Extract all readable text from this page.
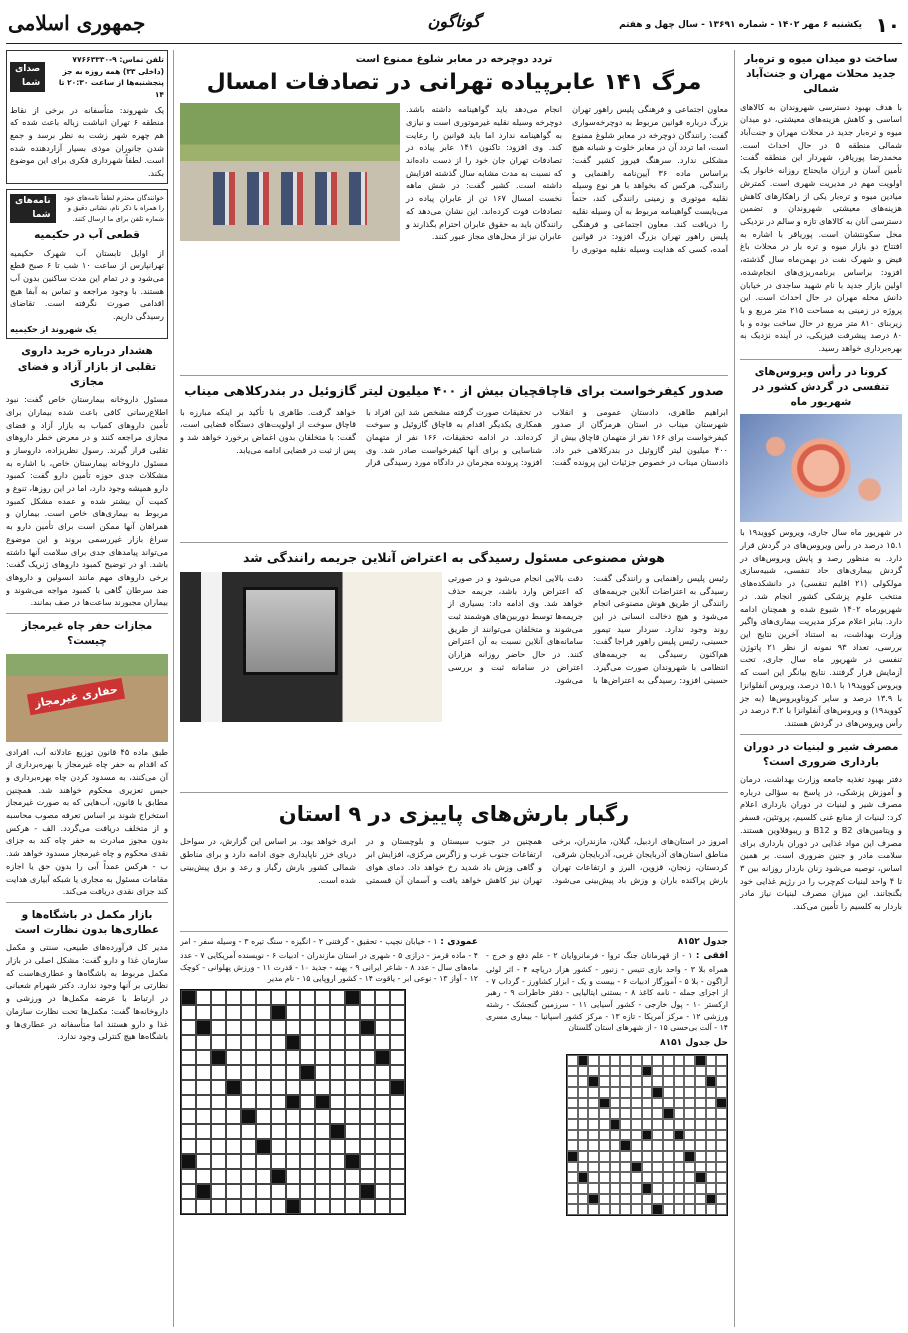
۱۰
یکشنبه ۶ مهر ۱۴۰۲ - شماره ۱۳۶۹۱ - سال چهل و هفتم
گوناگون
جمهوری اسلامی
ساخت دو میدان میوه و تره‌بار جدید محلات مهران و جنت‌آباد شمالی
با هدف بهبود دسترسی شهروندان به کالاهای اساسی و کاهش هزینه‌های معیشتی، دو میدان میوه و تره‌بار جدید در محلات مهران و جنت‌آباد شمالی منطقه ۵ در حال احداث است. محمدرضا پوریاقر، شهردار این منطقه گفت: تأمین آسان و ارزان مایحتاج روزانه خانوار یک اولویت مهم در مدیریت شهری است. کمترش میادین میوه و تره‌بار یکی از راهکارهای کاهش هزینه‌های معیشتی شهروندان و تضمین دسترسی آنان به کالاهای تازه و سالم در نزدیکی محل سکونتشان است. پوریاقر با اشاره به افتتاح دو بازار میوه و تره بار در محلات باغ فیض و شهرک نفت در بهمن‌ماه سال گذشته، افزود: براساس برنامه‌ریزی‌های انجام‌شده، اولین بازار جدید با نام شهید ساجدی در خیابان دانش محله مهران در حال احداث است. این پروژه در زمینی به مساحت ۲۱۵ متر مربع و با زیربنای ۸۱۰ متر مربع در حال ساخت بوده و با ۸۰ درصد پیشرفت فیزیکی، در آینده نزدیک به بهره‌برداری خواهد رسید.
کرونا در رأس ویروس‌های تنفسی در گردش کشور در شهریور ماه
در شهریور ماه سال جاری، ویروس کووید۱۹ با ۱۵.۱ درصد در رأس ویروس‌های در گردش قرار دارد. به منظور رصد و پایش ویروس‌های در گردش بیماری‌های حاد تنفسی، شبیه‌سازی مولکولی (۲۱ اقلیم تنفسی) در دانشکده‌های منتخب علوم پزشکی کشور انجام شد. در شهریورماه ۱۴۰۲ شیوع شده و همچنان ادامه دارد. بنابر اعلام مرکز مدیریت بیماری‌های واگیر وزارت بهداشت، به استناد آخرین نتایج این بررسی، تعداد ۹۳ نمونه از نظر ۲۱ پاتوژن تنفسی در شهریور ماه سال جاری، تحت آزمایش قرار گرفتند. نتایج بیانگر این است که ویروس کووید۱۹ با ۱۵.۱ درصد، ویروس آنفلوانزا با ۱۳.۹ درصد و سایر کروناویروس‌ها (به جز کووید۱۹) و ویروس‌های آنفلوانزا با ۳.۲ درصد در رأس ویروس‌های در گردش هستند.
مصرف شیر و لبنیات در دوران بارداری ضروری است؟
دفتر بهبود تغذیه جامعه وزارت بهداشت، درمان و آموزش پزشکی، در پاسخ به سؤالی درباره مصرف شیر و لبنیات در دوران بارداری اعلام کرد: لبنیات از منابع غنی کلسیم، پروتئین، فسفر و ویتامین‌های B2 و B12 و ریبوفلاوین هستند. مصرف این مواد غذایی در دوران بارداری برای سلامت مادر و جنین ضروری است. بر همین اساس، توصیه می‌شود زنان باردار روزانه بین ۳ تا ۴ واحد لبنیات کم‌چرب را در رژیم غذایی خود بگنجانند. این میزان مصرف لبنیات نیاز مادر باردار به کلسیم را تأمین می‌کند.
تلفن تماس: ۹-۷۷۶۶۳۳۳۰ (داخلی ۳۳) همه روزه به جز پنجشنبه‌ها از ساعت ۲۰:۳۰ تا ۱۴
صدای شما
یک شهروند: متأسفانه در برخی از نقاط منطقه ۶ تهران انباشت زباله باعث شده که هم چهره شهر زشت به نظر برسد و جمع شدن جانوران موذی بسیار آزاردهنده شده است. لطفاً شهرداری فکری برای این موضوع بکند.
خوانندگان محترم لطفاً نامه‌های خود را همراه با ذکر نام، نشانی دقیق و شماره تلفن برای ما ارسال کنند.
نامه‌های شما
قطعی آب در حکیمیه
از اوایل تابستان آب شهرک حکیمیه تهرانپارس از ساعت ۱۰ شب تا ۶ صبح قطع می‌شود و در تمام این مدت ساکنین بدون آب هستند. با وجود مراجعه و تماس به آبفا هیچ اقدامی صورت نگرفته است. تقاضای رسیدگی داریم.
یک شهروند از حکیمیه
هشدار درباره خرید داروی تقلبی از بازار آزاد و فضای مجازی
مسئول داروخانه بیمارستان خاص گفت: نبود اطلاع‌رسانی کافی باعث شده بیماران برای تأمین داروهای کمیاب به بازار آزاد و فضای مجازی مراجعه کنند و در معرض خطر داروهای تقلبی قرار گیرند. رسول نظریزاده، داروساز و مسئول داروخانه بیمارستان خاص، با اشاره به مشکلات جدی حوزه تأمین دارو گفت: کمبود دارو همیشه وجود دارد، اما در این روزها، تنوع و کمیت آن بیشتر شده و عمده مشکل کمبود مربوط به بیماری‌های خاص است. بیماران و همراهان آنها ممکن است برای تأمین دارو به سراغ بازار غیررسمی بروند و این موضوع می‌تواند پیامدهای جدی برای سلامت آنها داشته باشد. او در توضیح کمبود داروهای ژنریک گفت: برخی داروهای مهم مانند انسولین و داروهای ضد سرطان گاهی با کمبود مواجه می‌شوند و بیماران مجبورند ساعت‌ها در صف بمانند.
مجازات حفر چاه غیرمجاز چیست؟
حفاری غیرمجاز
طبق ماده ۴۵ قانون توزیع عادلانه آب، افرادی که اقدام به حفر چاه غیرمجاز یا بهره‌برداری از آن می‌کنند، به مسدود کردن چاه بهره‌برداری و حبس تعزیری محکوم خواهند شد. همچنین مطابق با قانون، آب‌هایی که به صورت غیرمجاز استخراج شوند بر اساس تعرفه مصوب محاسبه و از متخلف دریافت می‌گردد. الف - هرکس بدون مجوز مبادرت به حفر چاه کند به جزای نقدی محکوم و چاه غیرمجاز مسدود خواهد شد. ب - هرکس عمداً آبی را بدون حق یا اجازه مقامات مسئول به مجاری یا شبکه آبیاری هدایت کند جزای نقدی دریافت می‌کند.
بازار مکمل در باشگاه‌ها و عطاری‌ها بدون نظارت است
مدیر کل فرآورده‌های طبیعی، سنتی و مکمل سازمان غذا و دارو گفت: مشکل اصلی در بازار مکمل مربوط به باشگاه‌ها و عطاری‌هاست که نظارتی بر آنها وجود ندارد. دکتر شهرام شعبانی در ارتباط با عرضه مکمل‌ها در ورزشی و داروخانه‌ها گفت: مکمل‌ها تحت نظارت سازمان غذا و دارو هستند اما متأسفانه در عطاری‌ها و باشگاه‌ها هیچ کنترلی وجود ندارد.
تردد دوچرخه در معابر شلوغ ممنوع است
مرگ ۱۴۱ عابرپیاده تهرانی در تصادفات امسال
معاون اجتماعی و فرهنگی پلیس راهور تهران بزرگ درباره قوانین مربوط به دوچرخه‌سواری گفت: رانندگان دوچرخه در معابر شلوغ ممنوع است، اما تردد آن در معابر خلوت و شبانه هیچ مشکلی ندارد. سرهنگ فیروز کشیر گفت: براساس ماده ۳۶ آیین‌نامه راهنمایی و رانندگی، هرکس که بخواهد با هر نوع وسیله نقلیه موتوری و زمینی رانندگی کند، حتماً می‌بایست گواهینامه مربوط به آن وسیله نقلیه را دریافت کند. معاون اجتماعی و فرهنگی پلیس راهور تهران بزرگ افزود: در قوانین آمده، کسی که هدایت وسیله نقلیه موتوری را انجام می‌دهد باید گواهینامه داشته باشد. دوچرخه وسیله نقلیه غیرموتوری است و نیازی به گواهینامه ندارد اما باید قوانین را رعایت کند. وی افزود: تاکنون ۱۴۱ عابر پیاده در تصادفات تهران جان خود را از دست داده‌اند که نسبت به مدت مشابه سال گذشته افزایش داشته است. کشیر گفت: در شش ماهه نخست امسال ۱۶۷ تن از عابران پیاده در تصادفات فوت کرده‌اند. این نشان می‌دهد که رانندگان باید به حقوق عابران احترام بگذارند و عابران نیز از محل‌های مجاز عبور کنند.
صدور کیفرخواست برای قاچاقچیان بیش از ۴۰۰ میلیون لیتر گازوئیل در بندرکلاهی میناب
ابراهیم طاهری، دادستان عمومی و انقلاب شهرستان میناب در استان هرمزگان از صدور کیفرخواست برای ۱۶۶ نفر از متهمان قاچاق بیش از ۴۰۰ میلیون لیتر گازوئیل در بندرکلاهی خبر داد. دادستان میناب در خصوص جزئیات این پرونده گفت: در تحقیقات صورت گرفته مشخص شد این افراد با همکاری یکدیگر اقدام به قاچاق گازوئیل و سوخت کرده‌اند. در ادامه تحقیقات، ۱۶۶ نفر از متهمان شناسایی و برای آنها کیفرخواست صادر شد. وی افزود: پرونده مجرمان در دادگاه مورد رسیدگی قرار خواهد گرفت. طاهری با تأکید بر اینکه مبارزه با قاچاق سوخت از اولویت‌های دستگاه قضایی است، گفت: با متخلفان بدون اغماض برخورد خواهد شد و پس از ثبت در قضایی ادامه می‌یابد.
هوش مصنوعی مسئول رسیدگی به اعتراض آنلاین جریمه رانندگی شد
رئیس پلیس راهنمایی و رانندگی گفت: رسیدگی به اعتراضات آنلاین جریمه‌های رانندگی از طریق هوش مصنوعی انجام می‌شود و هیچ دخالت انسانی در این روند وجود ندارد. سردار سید تیمور حسینی، رئیس پلیس راهور فراجا گفت: هم‌اکنون رسیدگی به جریمه‌های انتظامی با شهروندان صورت می‌گیرد. حسینی افزود: رسیدگی به اعتراض‌ها با دقت بالایی انجام می‌شود و در صورتی که اعتراض وارد باشد، جریمه حذف خواهد شد. وی ادامه داد: بسیاری از جریمه‌ها توسط دوربین‌های هوشمند ثبت می‌شوند و متخلفان می‌توانند از طریق سامانه‌های آنلاین نسبت به آن اعتراض کنند. در حال حاضر روزانه هزاران اعتراض در سامانه ثبت و بررسی می‌شود.
رگبار بارش‌های پاییزی در ۹ استان
امروز در استان‌های اردبیل، گیلان، مازندران، برخی مناطق استان‌های آذربایجان غربی، آذربایجان شرقی، کردستان، زنجان، قزوین، البرز و ارتفاعات تهران بارش پراکنده باران و وزش باد پیش‌بینی می‌شود. همچنین در جنوب سیستان و بلوچستان و در ارتفاعات جنوب غرب و زاگرس مرکزی، افزایش ابر و گاهی وزش باد شدید رخ خواهد داد. دمای هوای تهران نیز کاهش خواهد یافت و آسمان آن قسمتی ابری خواهد بود. بر اساس این گزارش، در سواحل دریای خزر ناپایداری جوی ادامه دارد و برای مناطق شمالی کشور بارش رگبار و رعد و برق پیش‌بینی شده است.
جدول ۸۱۵۲
افقی : ۱ - از قهرمانان جنگ تروا - فرمانروایان ۲ - علم دفع و خرج - همراه بلا ۳ - واحد بازی تنیس - زنبور - کشور هزار دریاچه ۴ - اثر لوئی آراگون - بلا ۵ - آموزگار ادبیات ۶ - بیست و یک - ابزار کشاورز - گرداب ۷ - از اجزای جمله - نامه کاغذ ۸ - بستنی ایتالیایی - دفتر خاطرات ۹ - رهبر ارکستر ۱۰ - پول خارجی - کشور آسیایی ۱۱ - سرزمین گنجشک - رشته ورزشی ۱۲ - مرکز آمریکا - تازه ۱۳ - مرکز کشور اسپانیا - بیماری مسری ۱۴ - آلت بی‌حسی ۱۵ - از شهرهای استان گلستان
حل جدول ۸۱۵۱
عمودی : ۱ - خیابان نجیب - تحقیق - گرفتنی ۲ - انگیزه - سنگ تیره ۳ - وسیله سفر - امر ۴ - ماده قرمز - درازی ۵ - شهری در استان مازندران - ادبیات ۶ - نویسنده آمریکایی ۷ - عدد ماه‌های سال - عدد ۸ - شاعر ایرانی ۹ - پهنه - جدید ۱۰ - قدرت ۱۱ - ورزش پهلوانی - کوچک ۱۲ - آواز ۱۳ - نوعی ابر - یاقوت ۱۴ - کشور اروپایی ۱۵ - نام مدیر
